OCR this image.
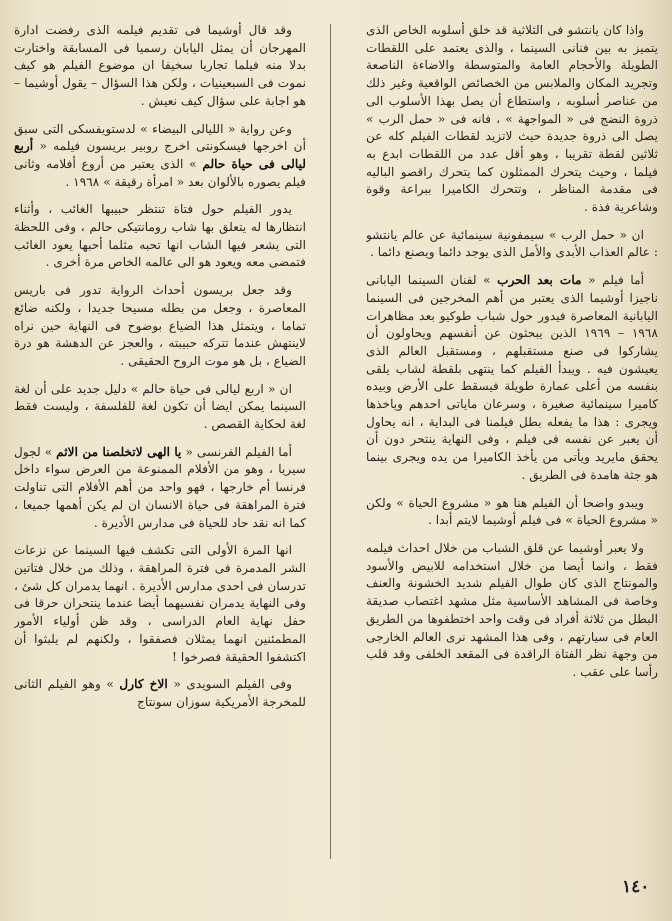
واذا كان يانتشو فى الثلاثية قد خلق أسلوبه الخاص الذى يتميز به بين فنانى السينما ، والذى يعتمد على اللقطات الطويلة والأحجام العامة والمتوسطة والاضاءة الناصعة وتجريد المكان والملابس من الخصائص الواقعية وغير ذلك من عناصر أسلوبه ، واستطاع أن يصل بهذا الأسلوب الى ذروة النضج فى « المواجهة » ، فانه فى « حمل الرب » يصل الى ذروة جديدة حيث لاتزيد لقطات الفيلم كله عن ثلاثين لقطة تقريبا ، وهو أقل عدد من اللقطات ابدع به فيلما ، وحيث يتحرك الممثلون كما يتحرك راقصو الباليه فى مقدمة المناظر ، وتتحرك الكاميرا ببراعة وقوة وشاعرية فذة .

ان « حمل الرب » سيمفونية سينمائية عن عالم يانتشو : عالم العذاب الأبدى والأمل الذى يوجد دائما ويصنع دائما .

أما فيلم « مات بعد الحرب » لفنان السينما اليابانى ناجيزا أوشيما الذى يعتبر من أهم المخرجين فى السينما اليابانية المعاصرة فيدور حول شباب طوكيو بعد مظاهرات ١٩٦٨ – ١٩٦٩ الذين يبحثون عن أنفسهم ويحاولون أن يشاركوا فى صنع مستقبلهم ، ومستقبل العالم الذى يعيشون فيه . ويبدأ الفيلم كما ينتهى بلقطة لشاب يلقى بنفسه من أعلى عمارة طويلة فيسقط على الأرض وبيده كاميرا سينمائية صغيرة ، وسرعان ماياتى احدهم وياخذها ويجرى : هذا ما يفعله بطل فيلمنا فى البداية ، انه يحاول أن يعبر عن نفسه فى فيلم ، وفى النهاية ينتحر دون أن يحقق مايريد ويأتى من يأخذ الكاميرا من يده ويجرى بينما هو جثة هامدة فى الطريق .

ويبدو واضحا أن الفيلم هنا هو « مشروع الحياة » ولكن « مشروع الحياة » فى فيلم أوشيما لايتم أبدا .

ولا يعبر أوشيما عن قلق الشباب من خلال احداث فيلمه فقط ، وانما أيضا من خلال استخدامه للابيض والأسود والمونتاج الذى كان طوال الفيلم شديد الخشونة والعنف وخاصة فى المشاهد الأساسية مثل مشهد اغتصاب صديقة البطل من ثلاثة أفراد فى وقت واحد اختطفوها من الطريق العام فى سيارتهم ، وفى هذا المشهد نرى العالم الخارجى من وجهة نظر الفتاة الراقدة فى المقعد الخلفى وقد قلب رأسا على عقب .

وقد قال أوشيما فى تقديم فيلمه الذى رفضت ادارة المهرجان أن يمثل اليابان رسميا فى المسابقة واختارت بدلا منه فيلما تجاريا سخيفا ان موضوع الفيلم هو كيف نموت فى السبعينيات ، ولكن هذا السؤال – يقول أوشيما – هو اجابة على سؤال كيف نعيش .

وعن رواية « الليالى البيضاء » لدستويفسكى التى سبق أن اخرجها فيسكونتى اخرج روبير بريسون فيلمه « أربع ليالى فى حياة حالم » الذى يعتبر من أروع أفلامه وثانى فيلم يصوره بالألوان بعد « امرأة رقيقة » ١٩٦٨ .

يدور الفيلم حول فتاة تنتظر حبيبها الغائب ، وأثناء انتظارها له يتعلق بها شاب رومانتيكى حالم ، وفى اللحظة التى يشعر فيها الشاب انها تحبه مثلما أحبها يعود الغائب فتمضى معه ويعود هو الى عالمه الخاص مرة أخرى .

وقد جعل بريسون أحداث الرواية تدور فى باريس المعاصرة ، وجعل من بطله مسيحا جديدا ، ولكنه ضائع تماما ، ويتمثل هذا الضياع بوضوح فى النهاية حين نراه لاينتهش عندما تتركه حبيبته ، والعجز عن الدهشة هو درة الضياع ، بل هو موت الروح الحقيقى .

ان « اربع ليالى فى حياة حالم » دليل جديد على أن لغة السينما يمكن ايضا أن تكون لغة للفلسفة ، وليست فقط لغة لحكاية القصص .

أما الفيلم الفرنسى « يا الهى لاتخلصنا من الاثم » لجول سيريا ، وهو من الأفلام الممنوعة من العرض سواء داخل فرنسا أم خارجها ، فهو واحد من أهم الأفلام التى تناولت فترة المراهقة فى حياة الانسان ان لم يكن أهمها جميعا ، كما انه نقد حاد للحياة فى مدارس الأديرة .

انها المرة الأولى التى تكشف فيها السينما عن نزعات الشر المدمرة فى فترة المراهقة ، وذلك من خلال فتاتين تدرسان فى احدى مدارس الأديرة . انهما يدمران كل شئ ، وفى النهاية يدمران نفسيهما أيضا عندما ينتحران حرقا فى حفل نهاية العام الدراسى ، وقد ظن أولياء الأمور المطمئنين انهما يمثلان فصفقوا ، ولكنهم لم يلبثوا أن اكتشفوا الحقيقة فصرخوا !

وفى الفيلم السويدى « الاخ كارل » وهو الفيلم الثانى للمخرجة الأمريكية سوزان سونتاج

١٤٠
